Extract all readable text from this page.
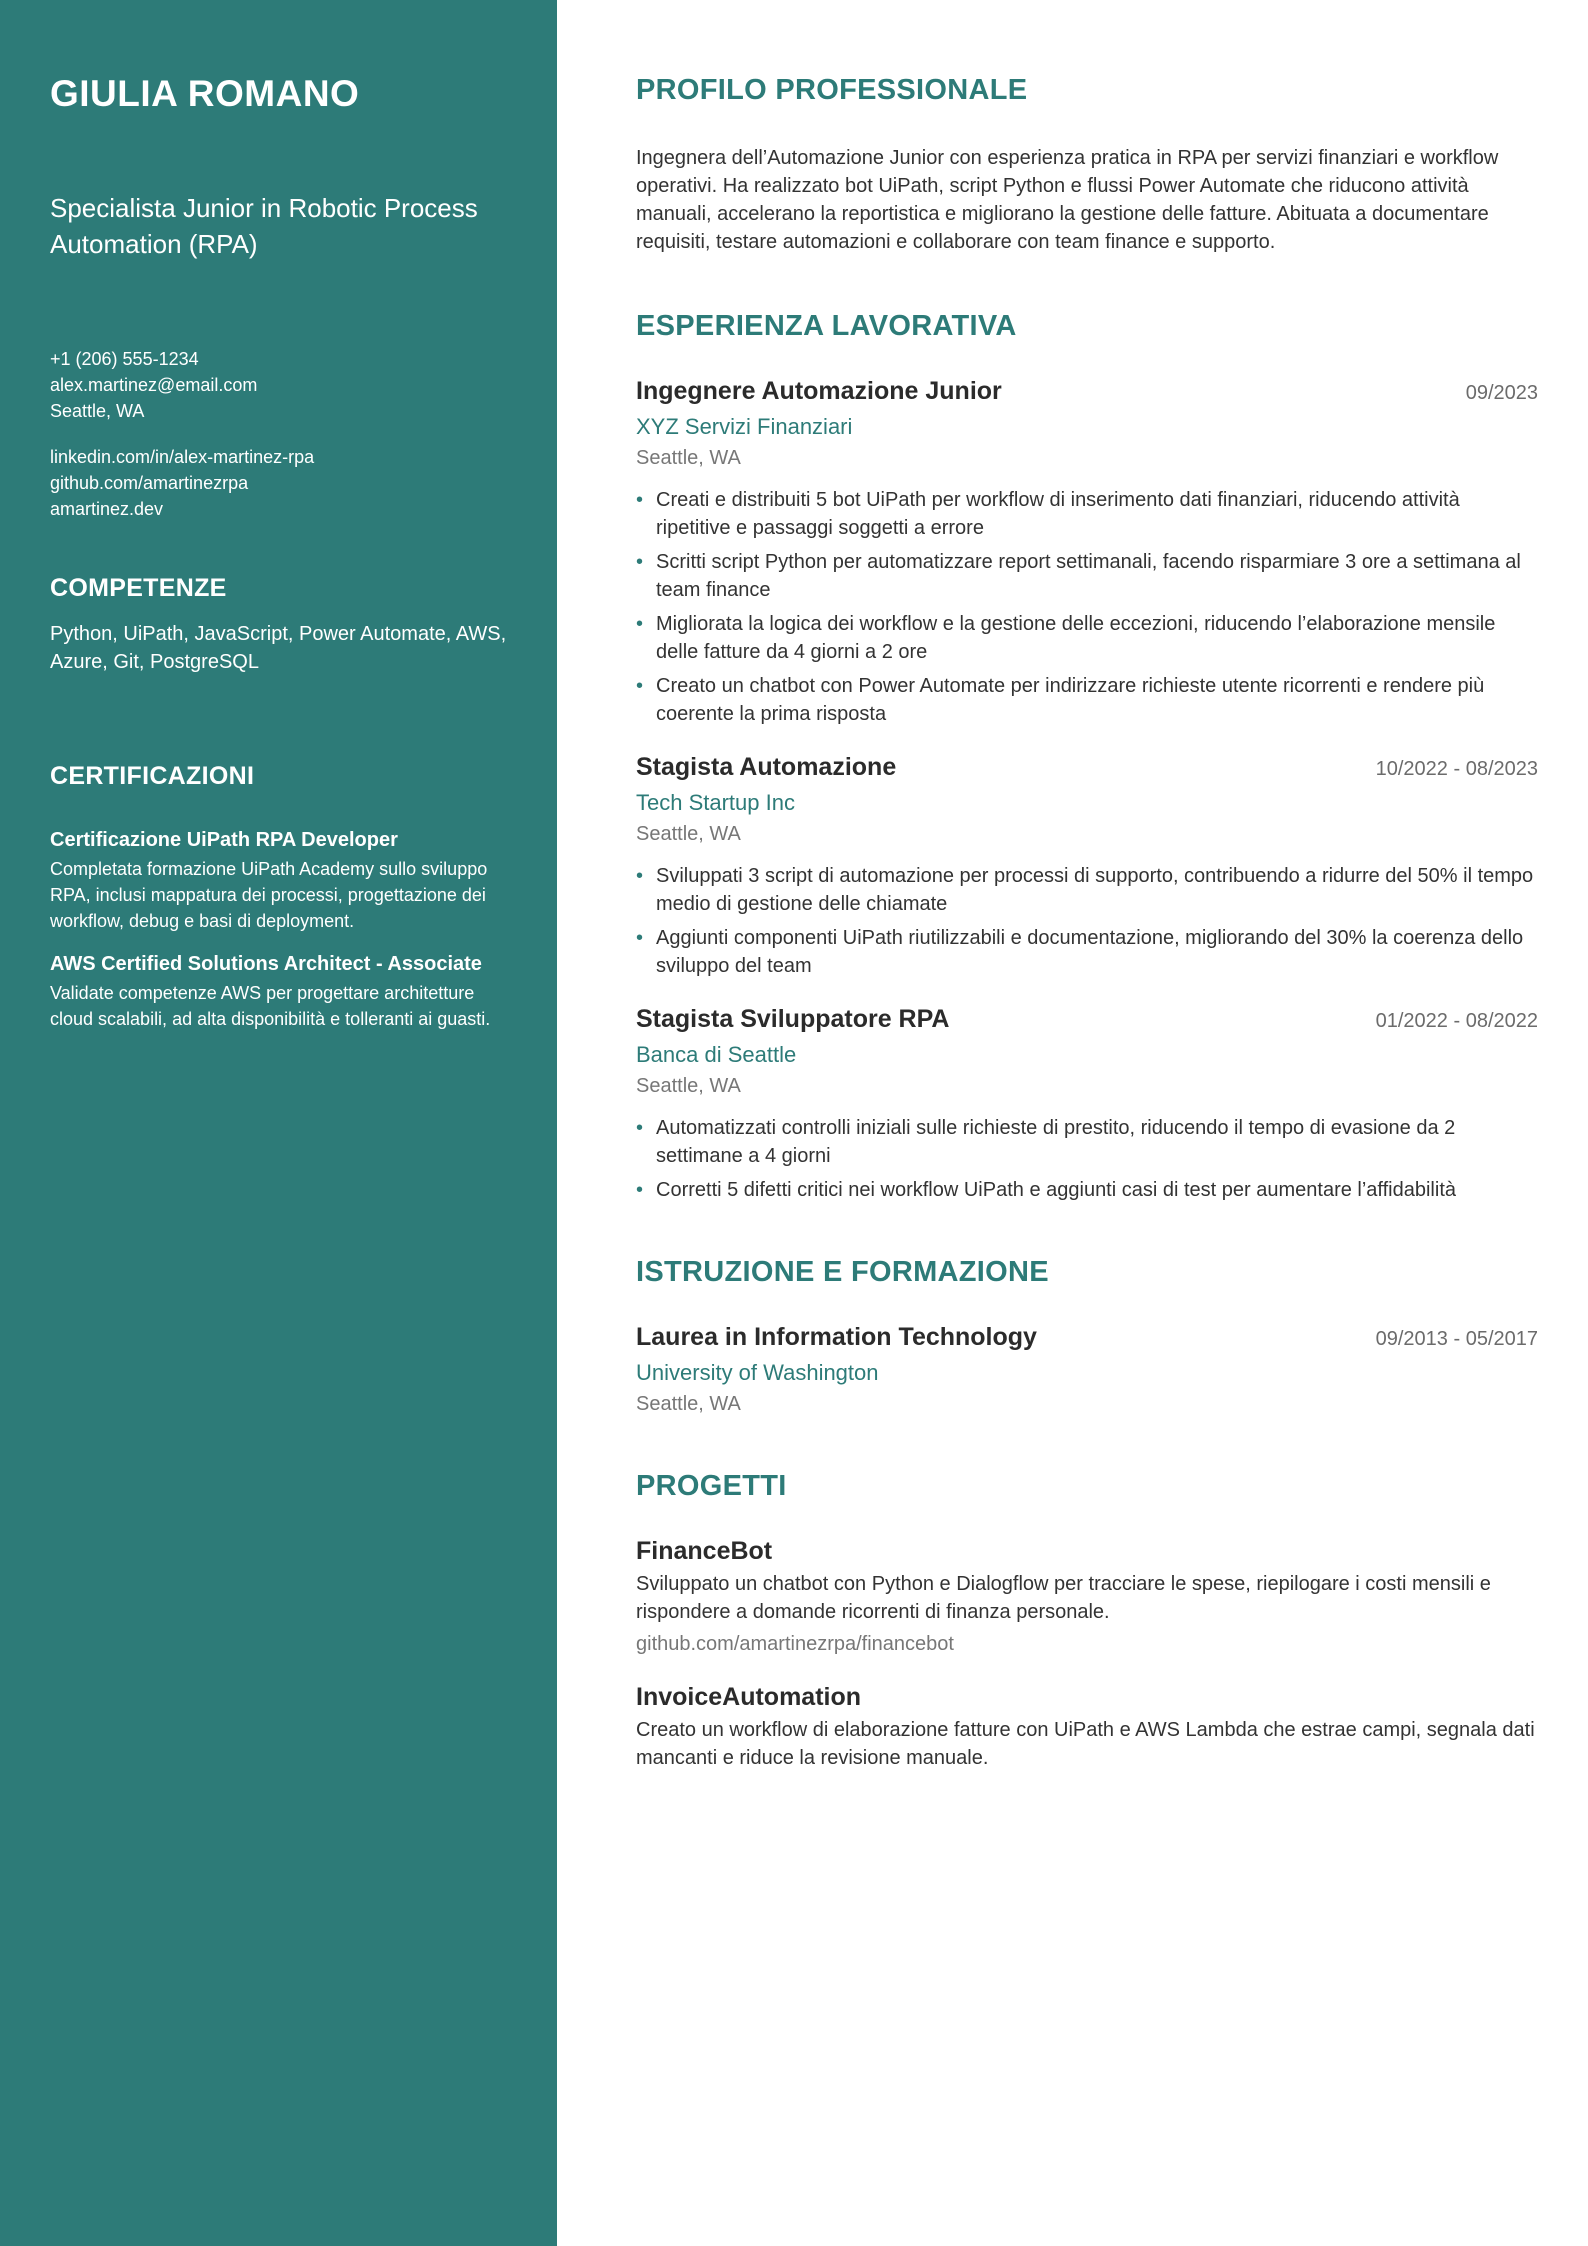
GIULIA ROMANO
Specialista Junior in Robotic Process Automation (RPA)
+1 (206) 555-1234
alex.martinez@email.com
Seattle, WA
linkedin.com/in/alex-martinez-rpa
github.com/amartinezrpa
amartinez.dev
COMPETENZE
Python, UiPath, JavaScript, Power Automate, AWS, Azure, Git, PostgreSQL
CERTIFICAZIONI
Certificazione UiPath RPA Developer
Completata formazione UiPath Academy sullo sviluppo RPA, inclusi mappatura dei processi, progettazione dei workflow, debug e basi di deployment.
AWS Certified Solutions Architect - Associate
Validate competenze AWS per progettare architetture cloud scalabili, ad alta disponibilità e tolleranti ai guasti.
PROFILO PROFESSIONALE

Ingegnera dell’Automazione Junior con esperienza pratica in RPA per servizi finanziari e workflow operativi. Ha realizzato bot UiPath, script Python e flussi Power Automate che riducono attività manuali, accelerano la reportistica e migliorano la gestione delle fatture. Abituata a documentare requisiti, testare automazioni e collaborare con team finance e supporto.

ESPERIENZA LAVORATIVA
Ingegnere Automazione Junior	09/2023
XYZ Servizi Finanziari
Seattle, WA
• Creati e distribuiti 5 bot UiPath per workflow di inserimento dati finanziari, riducendo attività ripetitive e passaggi soggetti a errore
• Scritti script Python per automatizzare report settimanali, facendo risparmiare 3 ore a settimana al team finance
• Migliorata la logica dei workflow e la gestione delle eccezioni, riducendo l’elaborazione mensile delle fatture da 4 giorni a 2 ore
• Creato un chatbot con Power Automate per indirizzare richieste utente ricorrenti e rendere più coerente la prima risposta
Stagista Automazione	10/2022 - 08/2023
Tech Startup Inc
Seattle, WA
• Sviluppati 3 script di automazione per processi di supporto, contribuendo a ridurre del 50% il tempo medio di gestione delle chiamate
• Aggiunti componenti UiPath riutilizzabili e documentazione, migliorando del 30% la coerenza dello sviluppo del team
Stagista Sviluppatore RPA	01/2022 - 08/2022
Banca di Seattle
Seattle, WA
• Automatizzati controlli iniziali sulle richieste di prestito, riducendo il tempo di evasione da 2 settimane a 4 giorni
• Corretti 5 difetti critici nei workflow UiPath e aggiunti casi di test per aumentare l’affidabilità
ISTRUZIONE E FORMAZIONE
Laurea in Information Technology	09/2013 - 05/2017
University of Washington
Seattle, WA
PROGETTI
FinanceBot
Sviluppato un chatbot con Python e Dialogflow per tracciare le spese, riepilogare i costi mensili e rispondere a domande ricorrenti di finanza personale.
github.com/amartinezrpa/financebot
InvoiceAutomation
Creato un workflow di elaborazione fatture con UiPath e AWS Lambda che estrae campi, segnala dati mancanti e riduce la revisione manuale.
